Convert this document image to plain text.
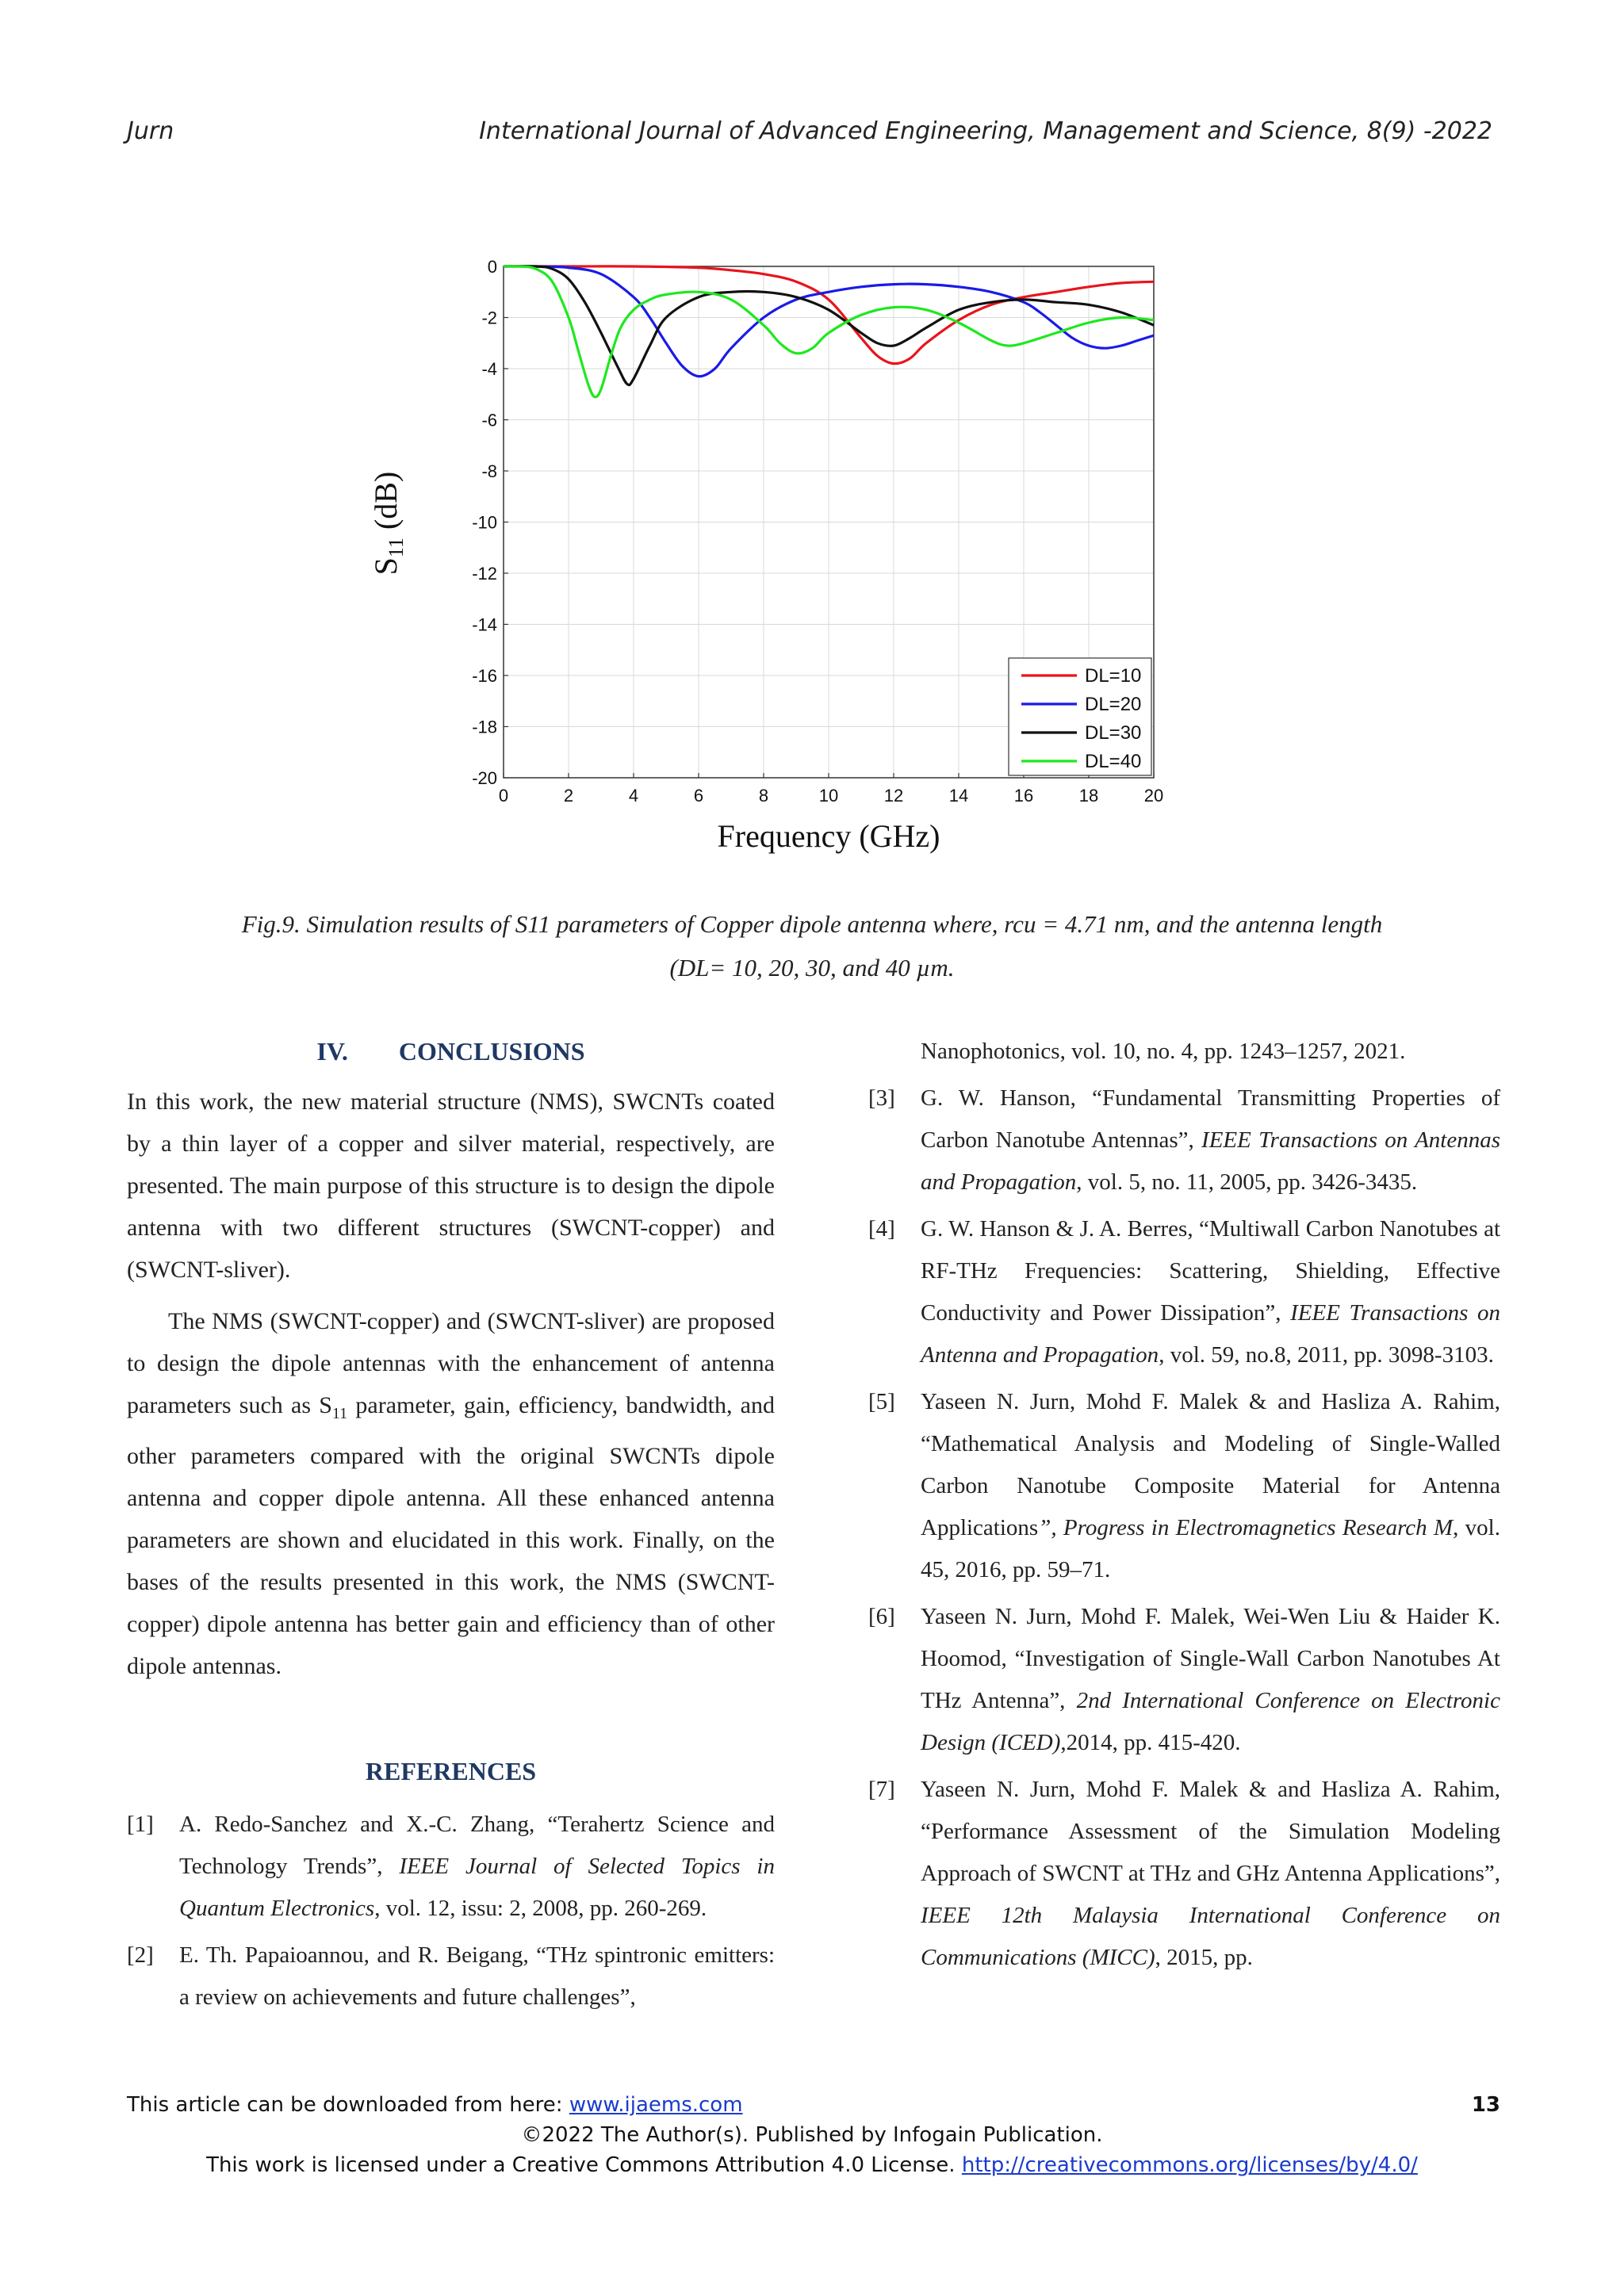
Jurn	International Journal of Advanced Engineering, Management and Science, 8(9) -2022
0	2	4	6	8	10	12	14	16	18	20
0
-2
-4
-6
-8
-10
-12
-14
-16
-18
-20
Frequency (GHz)
$S_{11}$ (dB)
DL=10
DL=20
DL=30
DL=40
Fig.9. Simulation results of S11 parameters of Copper dipole antenna where, rcu = 4.71 nm, and the antenna length
(DL= 10, 20, 30, and 40 µm.
IV. CONCLUSIONS

In this work, the new material structure (NMS), SWCNTs coated by a thin layer of a copper and silver material, respectively, are presented. The main purpose of this structure is to design the dipole antenna with two different structures (SWCNT-copper) and (SWCNT-sliver).

The NMS (SWCNT-copper) and (SWCNT-sliver) are proposed to design the dipole antennas with the enhancement of antenna parameters such as $S_{11}$ parameter, gain, efficiency, bandwidth, and other parameters compared with the original SWCNTs dipole antenna and copper dipole antenna. All these enhanced antenna parameters are shown and elucidated in this work. Finally, on the bases of the results presented in this work, the NMS (SWCNT-copper) dipole antenna has better gain and efficiency than of other dipole antennas.

REFERENCES
[1]	A. Redo-Sanchez and X.-C. Zhang, “Terahertz Science and Technology Trends”, IEEE Journal of Selected Topics in Quantum Electronics, vol. 12, issu: 2, 2008, pp. 260-269.
[2]	E. Th. Papaioannou, and R. Beigang, “THz spintronic emitters: a review on achievements and future challenges”,
Nanophotonics, vol. 10, no. 4, pp. 1243–1257, 2021.
[3]	G. W. Hanson, “Fundamental Transmitting Properties of Carbon Nanotube Antennas”, IEEE Transactions on Antennas and Propagation, vol. 5, no. 11, 2005, pp. 3426-3435.
[4]	G. W. Hanson & J. A. Berres, “Multiwall Carbon Nanotubes at RF-THz Frequencies: Scattering, Shielding, Effective Conductivity and Power Dissipation”, IEEE Transactions on Antenna and Propagation, vol. 59, no.8, 2011, pp. 3098-3103.
[5]	Yaseen N. Jurn, Mohd F. Malek & and Hasliza A. Rahim, “Mathematical Analysis and Modeling of Single-Walled Carbon Nanotube Composite Material for Antenna Applications”, Progress in Electromagnetics Research M, vol. 45, 2016, pp. 59–71.
[6]	Yaseen N. Jurn, Mohd F. Malek, Wei-Wen Liu & Haider K. Hoomod, “Investigation of Single-Wall Carbon Nanotubes At THz Antenna”, 2nd International Conference on Electronic Design (ICED),2014, pp. 415-420.
[7]	Yaseen N. Jurn, Mohd F. Malek & and Hasliza A. Rahim, “Performance Assessment of the Simulation Modeling Approach of SWCNT at THz and GHz Antenna Applications”, IEEE 12th Malaysia International Conference on Communications (MICC), 2015, pp.
This article can be downloaded from here: www.ijaems.com	13
©2022 The Author(s). Published by Infogain Publication.
This work is licensed under a Creative Commons Attribution 4.0 License. http://creativecommons.org/licenses/by/4.0/
